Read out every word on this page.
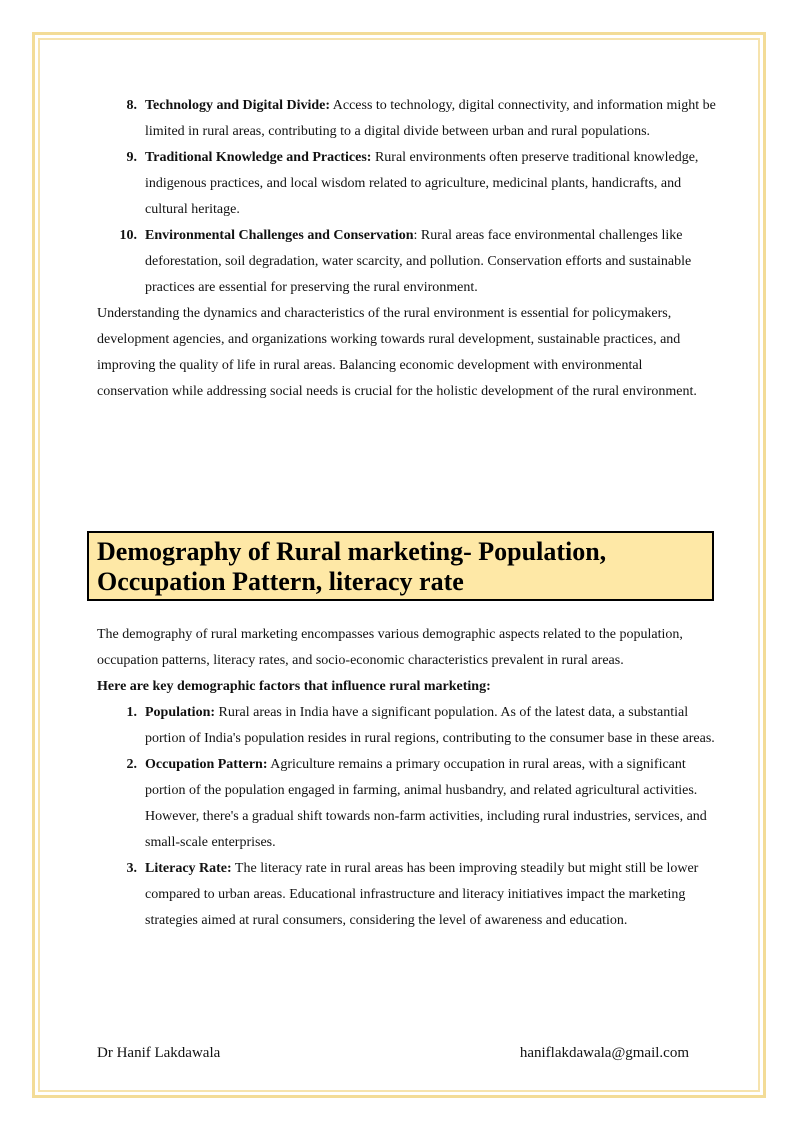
8. Technology and Digital Divide: Access to technology, digital connectivity, and information might be limited in rural areas, contributing to a digital divide between urban and rural populations.
9. Traditional Knowledge and Practices: Rural environments often preserve traditional knowledge, indigenous practices, and local wisdom related to agriculture, medicinal plants, handicrafts, and cultural heritage.
10. Environmental Challenges and Conservation: Rural areas face environmental challenges like deforestation, soil degradation, water scarcity, and pollution. Conservation efforts and sustainable practices are essential for preserving the rural environment.

Understanding the dynamics and characteristics of the rural environment is essential for policymakers, development agencies, and organizations working towards rural development, sustainable practices, and improving the quality of life in rural areas. Balancing economic development with environmental conservation while addressing social needs is crucial for the holistic development of the rural environment.

Demography of Rural marketing- Population, Occupation Pattern, literacy rate

The demography of rural marketing encompasses various demographic aspects related to the population, occupation patterns, literacy rates, and socio-economic characteristics prevalent in rural areas.

Here are key demographic factors that influence rural marketing:

1. Population: Rural areas in India have a significant population. As of the latest data, a substantial portion of India's population resides in rural regions, contributing to the consumer base in these areas.
2. Occupation Pattern: Agriculture remains a primary occupation in rural areas, with a significant portion of the population engaged in farming, animal husbandry, and related agricultural activities. However, there's a gradual shift towards non-farm activities, including rural industries, services, and small-scale enterprises.
3. Literacy Rate: The literacy rate in rural areas has been improving steadily but might still be lower compared to urban areas. Educational infrastructure and literacy initiatives impact the marketing strategies aimed at rural consumers, considering the level of awareness and education.
Dr Hanif Lakdawala	haniflakdawala@gmail.com
